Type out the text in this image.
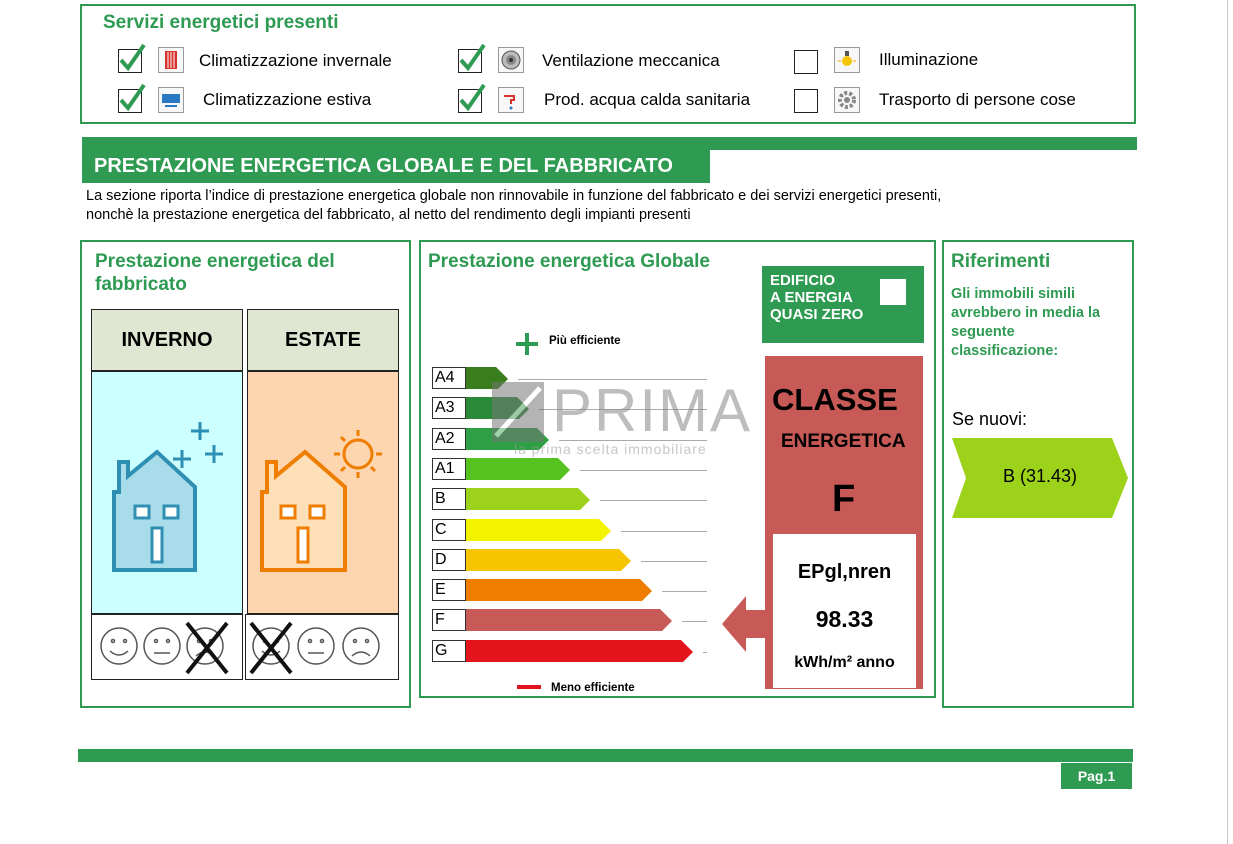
Servizi energetici presenti
Climatizzazione invernale	Ventilazione meccanica	Illuminazione
Climatizzazione estiva	Prod. acqua calda sanitaria	Trasporto di persone cose
PRESTAZIONE ENERGETICA GLOBALE E DEL FABBRICATO
La sezione riporta l’indice di prestazione energetica globale non rinnovabile in funzione del fabbricato e dei servizi energetici presenti,
nonchè la prestazione energetica del fabbricato, al netto del rendimento degli impianti presenti
Prestazione energetica del
fabbricato
INVERNO	ESTATE
Prestazione energetica Globale
Più efficiente
Meno efficiente
A4
A3
A2
A1
B
C
D
E
F
G
PRIMA
la prima scelta immobiliare
EDIFICIO
A ENERGIA
QUASI ZERO
CLASSE
ENERGETICA
F
EPgl,nren
98.33
kWh/m² anno
Riferimenti
Gli immobili simili
avrebbero in media la
seguente
classificazione:
Se nuovi:
B (31.43)
Pag.1
